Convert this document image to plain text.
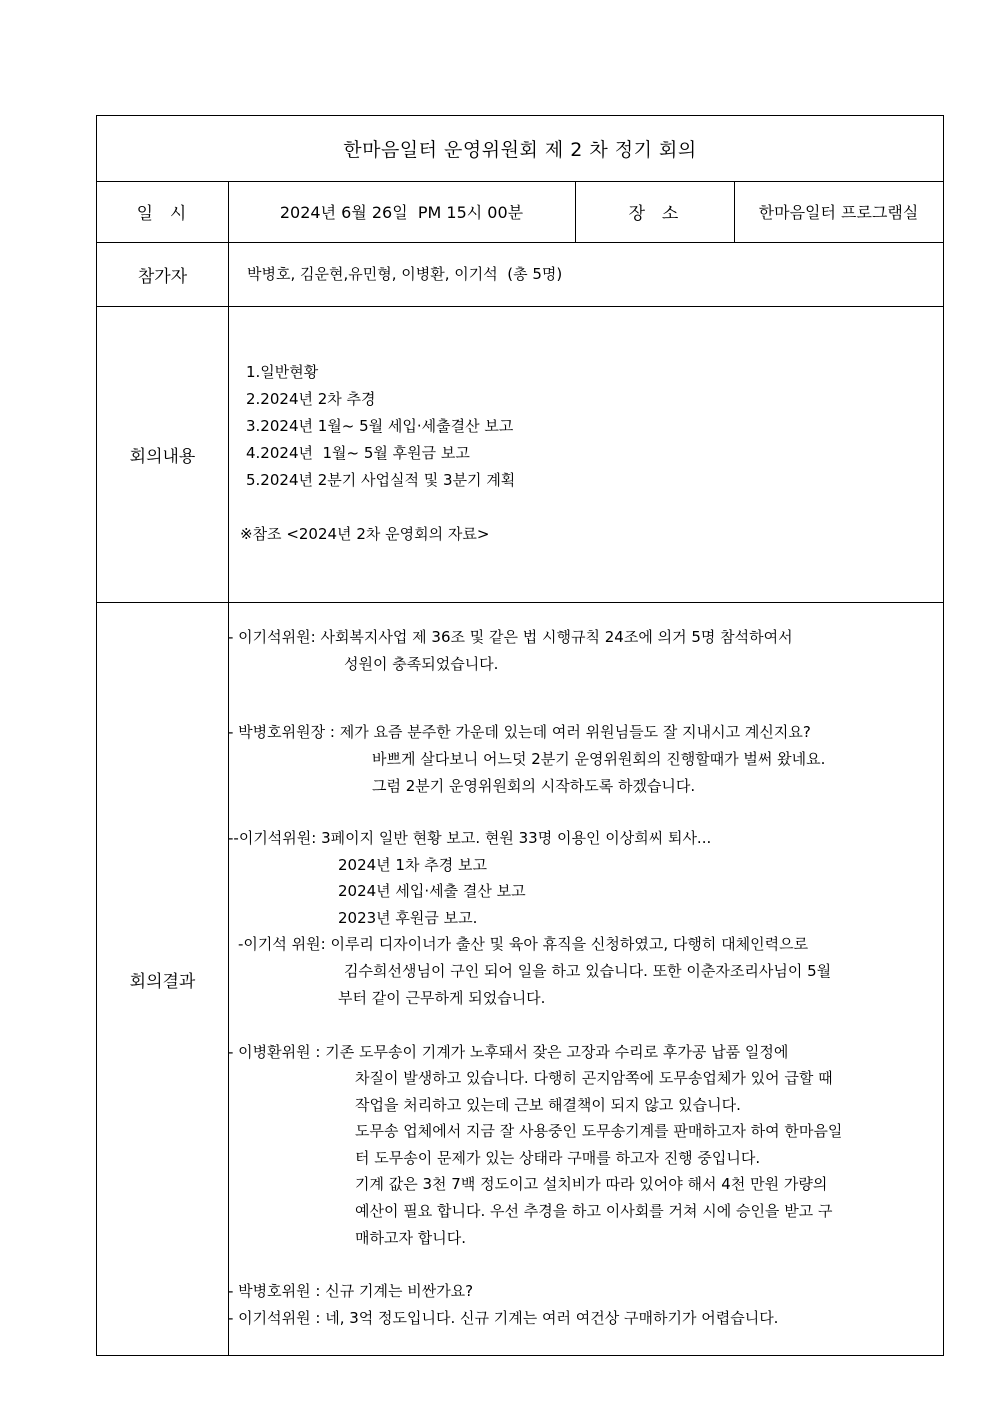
한마음일터 운영위원회 제 2 차 정기 회의
일  시	2024년 6월 26일  PM 15시 00분	장  소	한마음일터 프로그램실
참가자	박병호, 김운현,유민형, 이병환, 이기석  (총 5명)
회의내용
1.일반현황
2.2024년 2차 추경
3.2024년 1월~ 5월 세입·세출결산 보고
4.2024년  1월~ 5월 후원금 보고
5.2024년 2분기 사업실적 및 3분기 계획
※참조 <2024년 2차 운영회의 자료>
회의결과
- 이기석위원: 사회복지사업 제 36조 및 같은 법 시행규칙 24조에 의거 5명 참석하여서
성원이 충족되었습니다.
- 박병호위원장 : 제가 요즘 분주한 가운데 있는데 여러 위원님들도 잘 지내시고 계신지요?
바쁘게 살다보니 어느덧 2분기 운영위원회의 진행할때가 벌써 왔네요.
그럼 2분기 운영위원회의 시작하도록 하겠습니다.
--이기석위원: 3페이지 일반 현황 보고. 현원 33명 이용인 이상희씨 퇴사...
2024년 1차 추경 보고
2024년 세입·세출 결산 보고
2023년 후원금 보고.
-이기석 위원: 이루리 디자이너가 출산 및 육아 휴직을 신청하였고, 다행히 대체인력으로
김수희선생님이 구인 되어 일을 하고 있습니다. 또한 이춘자조리사님이 5월
부터 같이 근무하게 되었습니다.
- 이병환위원 : 기존 도무송이 기계가 노후돼서 잦은 고장과 수리로 후가공 납품 일정에
차질이 발생하고 있습니다. 다행히 곤지암쪽에 도무송업체가 있어 급할 때
작업을 처리하고 있는데 근보 해결책이 되지 않고 있습니다.
도무송 업체에서 지금 잘 사용중인 도무송기계를 판매하고자 하여 한마음일
터 도무송이 문제가 있는 상태라 구매를 하고자 진행 중입니다.
기계 값은 3천 7백 정도이고 설치비가 따라 있어야 해서 4천 만원 가량의
예산이 필요 합니다. 우선 추경을 하고 이사회를 거쳐 시에 승인을 받고 구
매하고자 합니다.
- 박병호위원 : 신규 기계는 비싼가요?
- 이기석위원 : 네, 3억 정도입니다. 신규 기계는 여러 여건상 구매하기가 어렵습니다.
